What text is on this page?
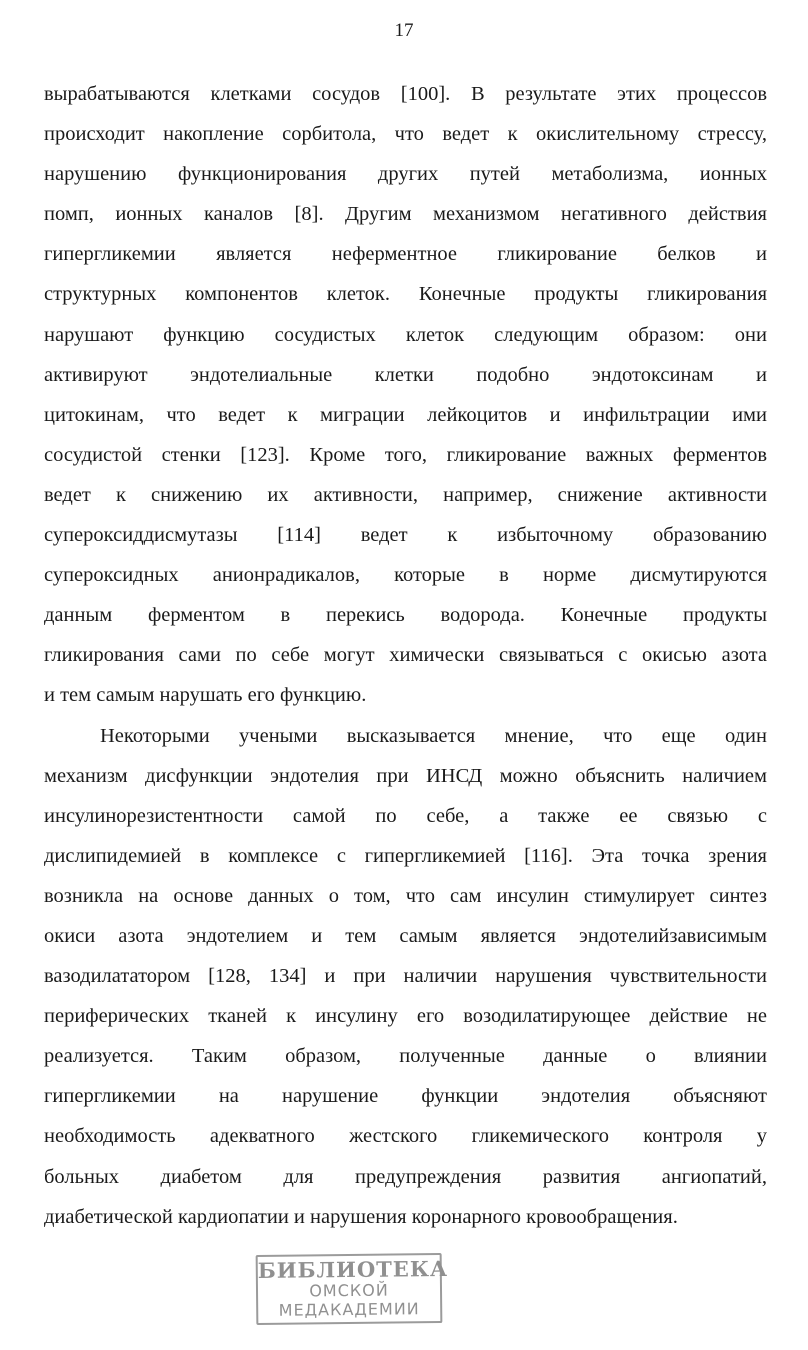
17
вырабатываются клетками сосудов [100]. В результате этих процессов
происходит накопление сорбитола, что ведет к окислительному стрессу,
нарушению функционирования других путей метаболизма, ионных
помп, ионных каналов [8]. Другим механизмом негативного действия
гипергликемии является неферментное гликирование белков и
структурных компонентов клеток. Конечные продукты гликирования
нарушают функцию сосудистых клеток следующим образом: они
активируют эндотелиальные клетки подобно эндотоксинам и
цитокинам, что ведет к миграции лейкоцитов и инфильтрации ими
сосудистой стенки [123]. Кроме того, гликирование важных ферментов
ведет к снижению их активности, например, снижение активности
супероксиддисмутазы [114] ведет к избыточному образованию
супероксидных анионрадикалов, которые в норме дисмутируются
данным ферментом в перекись водорода. Конечные продукты
гликирования сами по себе могут химически связываться с окисью азота
и тем самым нарушать его функцию.
Некоторыми учеными высказывается мнение, что еще один
механизм дисфункции эндотелия при ИНСД можно объяснить наличием
инсулинорезистентности самой по себе, а также ее связью с
дислипидемией в комплексе с гипергликемией [116]. Эта точка зрения
возникла на основе данных о том, что сам инсулин стимулирует синтез
окиси азота эндотелием и тем самым является эндотелийзависимым
вазодилататором [128, 134] и при наличии нарушения чувствительности
периферических тканей к инсулину его возодилатирующее действие не
реализуется. Таким образом, полученные данные о влиянии
гипергликемии на нарушение функции эндотелия объясняют
необходимость адекватного жестского гликемического контроля у
больных диабетом для предупреждения развития ангиопатий,
диабетической кардиопатии и нарушения коронарного кровообращения.
БИБЛИОТЕКА
ОМСКОЙ
МЕДАКАДЕМИИ
